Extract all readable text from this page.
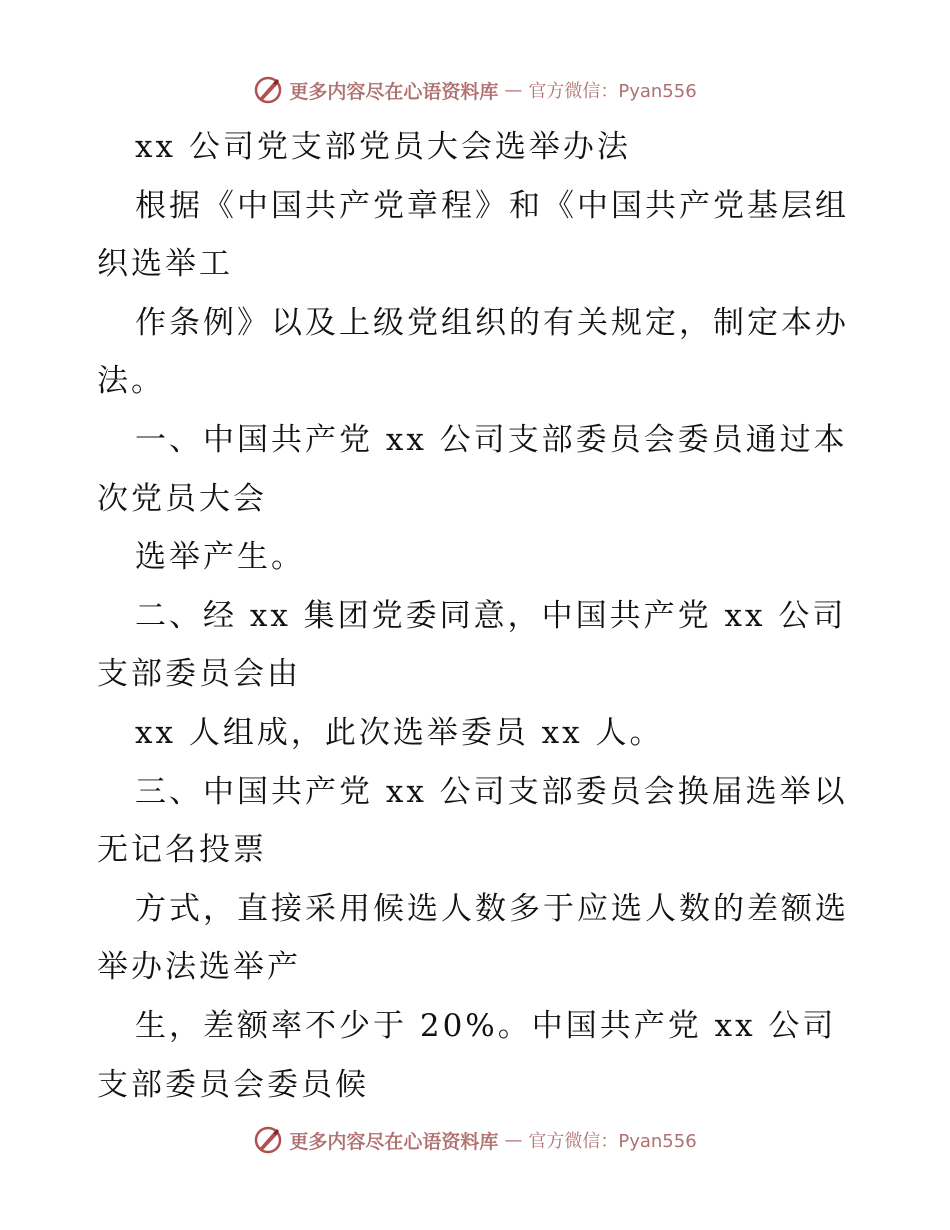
更多内容尽在心语资料库 — 官方微信：Pyan556
xx 公司党支部党员大会选举办法
根据《中国共产党章程》和《中国共产党基层组
织选举工
作条例》以及上级党组织的有关规定，制定本办
法。
一、中国共产党 xx 公司支部委员会委员通过本
次党员大会
选举产生。
二、经 xx 集团党委同意，中国共产党 xx 公司
支部委员会由
xx 人组成，此次选举委员 xx 人。
三、中国共产党 xx 公司支部委员会换届选举以
无记名投票
方式，直接采用候选人数多于应选人数的差额选
举办法选举产
生，差额率不少于 20%。中国共产党 xx 公司
支部委员会委员候
更多内容尽在心语资料库 — 官方微信：Pyan556
